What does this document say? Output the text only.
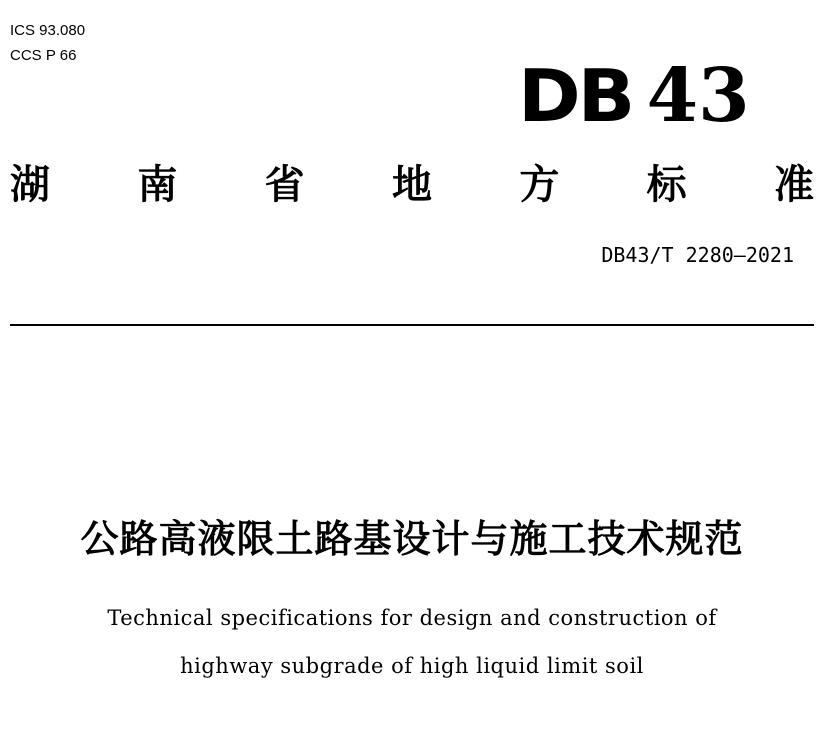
ICS 93.080
CCS P 66	DB 43
湖 南 省 地 方 标 准
DB43/T 2280—2021
公路高液限土路基设计与施工技术规范
Technical specifications for design and construction of
highway subgrade of high liquid limit soil
